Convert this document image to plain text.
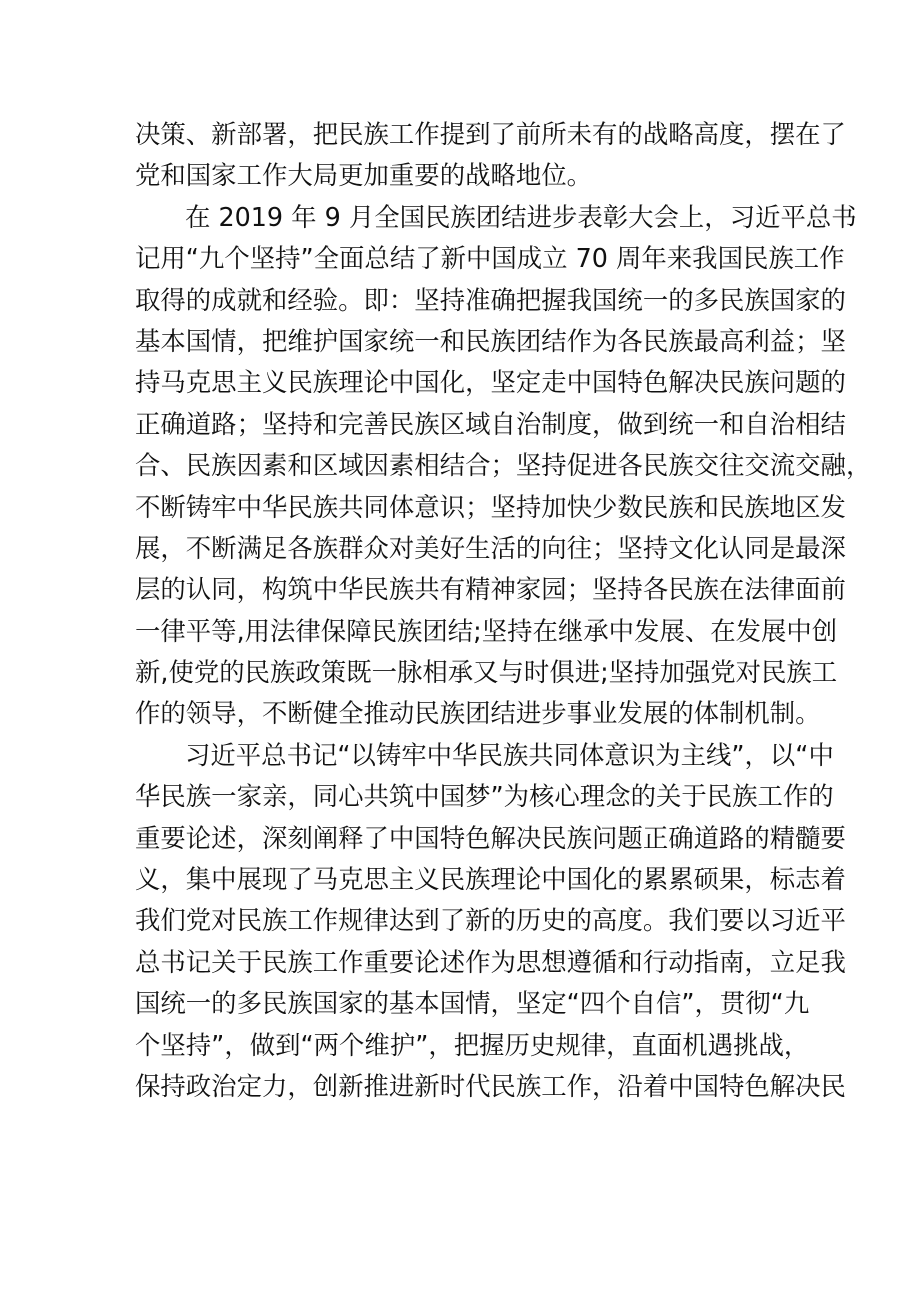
决策、新部署，把民族工作提到了前所未有的战略高度，摆在了
党和国家工作大局更加重要的战略地位。
在 2019 年 9 月全国民族团结进步表彰大会上，习近平总书
记用“九个坚持”全面总结了新中国成立 70 周年来我国民族工作
取得的成就和经验。即：坚持准确把握我国统一的多民族国家的
基本国情，把维护国家统一和民族团结作为各民族最高利益；坚
持马克思主义民族理论中国化，坚定走中国特色解决民族问题的
正确道路；坚持和完善民族区域自治制度，做到统一和自治相结
合、民族因素和区域因素相结合；坚持促进各民族交往交流交融，
不断铸牢中华民族共同体意识；坚持加快少数民族和民族地区发
展，不断满足各族群众对美好生活的向往；坚持文化认同是最深
层的认同，构筑中华民族共有精神家园；坚持各民族在法律面前
一律平等,用法律保障民族团结;坚持在继承中发展、在发展中创
新,使党的民族政策既一脉相承又与时俱进;坚持加强党对民族工
作的领导，不断健全推动民族团结进步事业发展的体制机制。
习近平总书记“以铸牢中华民族共同体意识为主线”，以“中
华民族一家亲，同心共筑中国梦”为核心理念的关于民族工作的
重要论述，深刻阐释了中国特色解决民族问题正确道路的精髓要
义，集中展现了马克思主义民族理论中国化的累累硕果，标志着
我们党对民族工作规律达到了新的历史的高度。我们要以习近平
总书记关于民族工作重要论述作为思想遵循和行动指南，立足我
国统一的多民族国家的基本国情，坚定“四个自信”，贯彻“九
个坚持”，做到“两个维护”，把握历史规律，直面机遇挑战，
保持政治定力，创新推进新时代民族工作，沿着中国特色解决民
